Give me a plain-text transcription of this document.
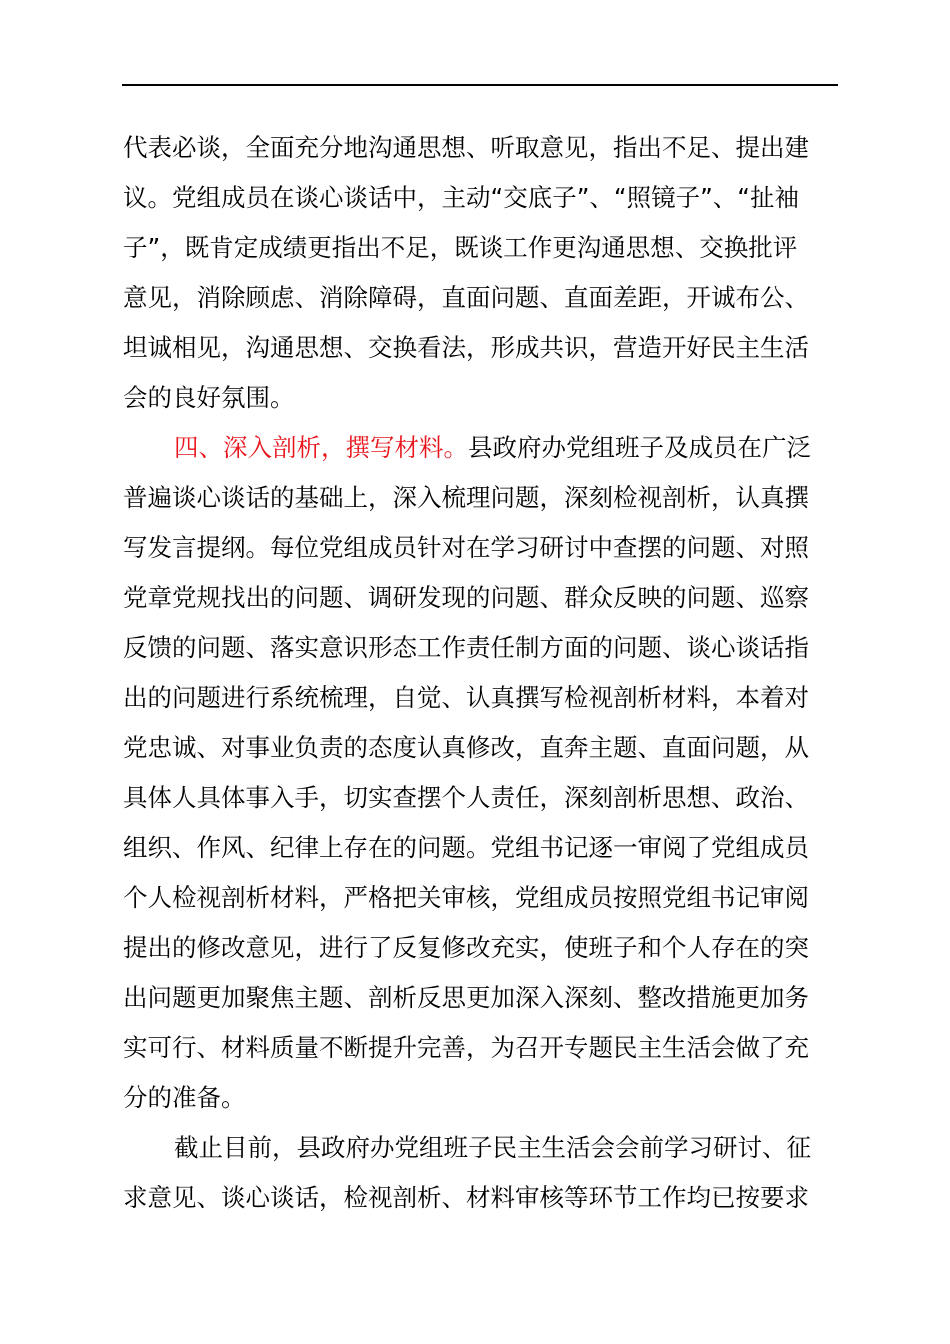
代表必谈，全面充分地沟通思想、听取意见，指出不足、提出建
议。党组成员在谈心谈话中，主动“交底子”、“照镜子”、“扯袖
子”，既肯定成绩更指出不足，既谈工作更沟通思想、交换批评
意见，消除顾虑、消除障碍，直面问题、直面差距，开诚布公、
坦诚相见，沟通思想、交换看法，形成共识，营造开好民主生活
会的良好氛围。
四、深入剖析，撰写材料。县政府办党组班子及成员在广泛
普遍谈心谈话的基础上，深入梳理问题，深刻检视剖析，认真撰
写发言提纲。每位党组成员针对在学习研讨中查摆的问题、对照
党章党规找出的问题、调研发现的问题、群众反映的问题、巡察
反馈的问题、落实意识形态工作责任制方面的问题、谈心谈话指
出的问题进行系统梳理，自觉、认真撰写检视剖析材料，本着对
党忠诚、对事业负责的态度认真修改，直奔主题、直面问题，从
具体人具体事入手，切实查摆个人责任，深刻剖析思想、政治、
组织、作风、纪律上存在的问题。党组书记逐一审阅了党组成员
个人检视剖析材料，严格把关审核，党组成员按照党组书记审阅
提出的修改意见，进行了反复修改充实，使班子和个人存在的突
出问题更加聚焦主题、剖析反思更加深入深刻、整改措施更加务
实可行、材料质量不断提升完善，为召开专题民主生活会做了充
分的准备。
截止目前，县政府办党组班子民主生活会会前学习研讨、征
求意见、谈心谈话，检视剖析、材料审核等环节工作均已按要求
